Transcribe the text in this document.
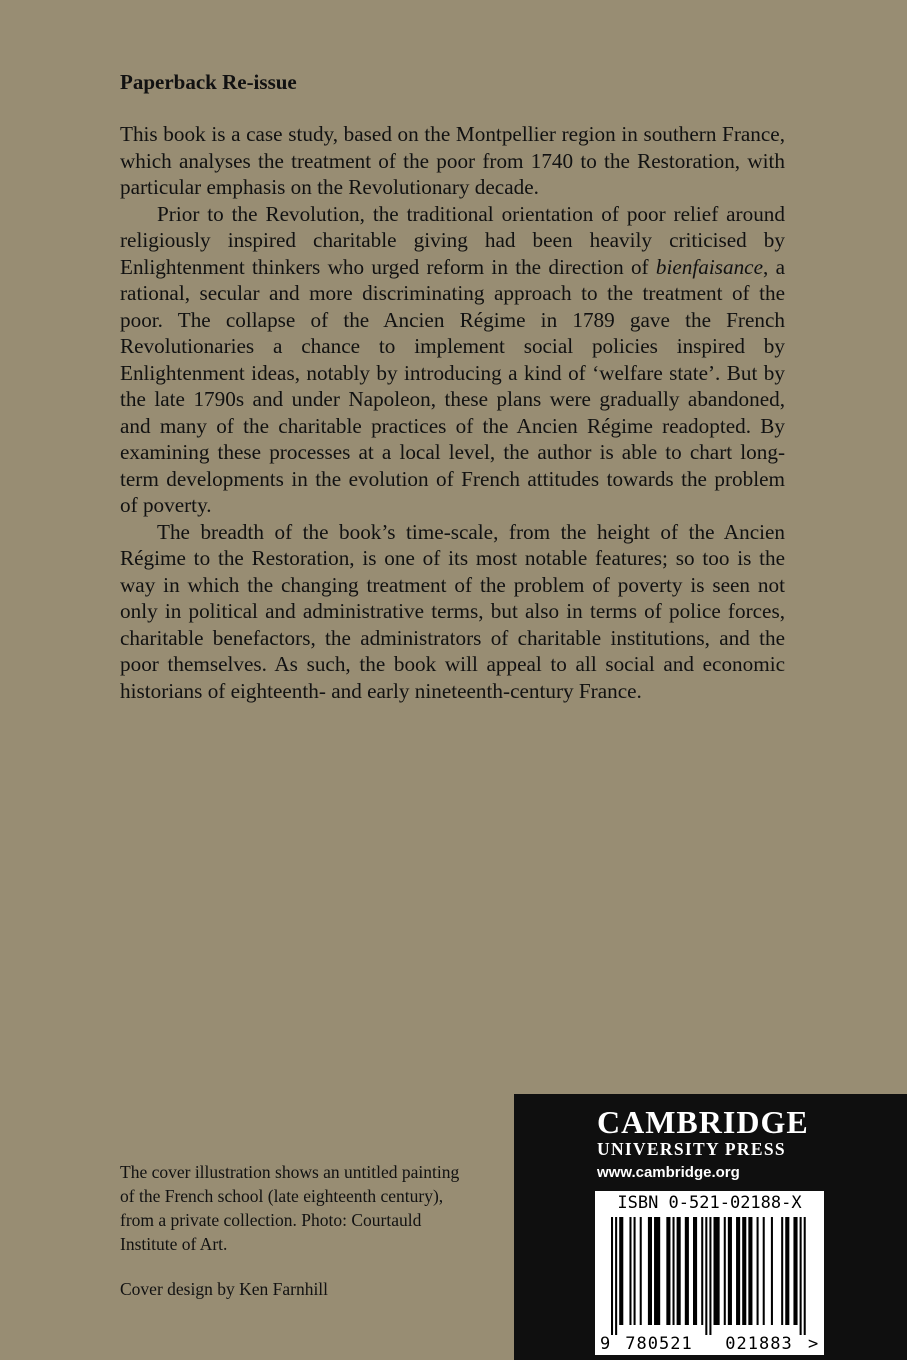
Paperback Re-issue

This book is a case study, based on the Montpellier region in southern France, which analyses the treatment of the poor from 1740 to the Restoration, with particular emphasis on the Revolutionary decade.

Prior to the Revolution, the traditional orientation of poor relief around religiously inspired charitable giving had been heavily criticised by Enlightenment thinkers who urged reform in the direction of bienfaisance, a rational, secular and more discriminating approach to the treatment of the poor. The collapse of the Ancien Régime in 1789 gave the French Revolutionaries a chance to implement social policies inspired by Enlightenment ideas, notably by introducing a kind of ‘welfare state’. But by the late 1790s and under Napoleon, these plans were gradually abandoned, and many of the charitable practices of the Ancien Régime readopted. By examining these processes at a local level, the author is able to chart long-term developments in the evolution of French attitudes towards the problem of poverty.

The breadth of the book’s time-scale, from the height of the Ancien Régime to the Restoration, is one of its most notable features; so too is the way in which the changing treatment of the problem of poverty is seen not only in political and administrative terms, but also in terms of police forces, charitable benefactors, the administrators of charitable institutions, and the poor themselves. As such, the book will appeal to all social and economic historians of eighteenth- and early nineteenth-century France.

The cover illustration shows an untitled painting of the French school (late eighteenth century), from a private collection. Photo: Courtauld Institute of Art.

Cover design by Ken Farnhill

CAMBRIDGE
UNIVERSITY PRESS
www.cambridge.org
ISBN 0-521-02188-X
9 780521 021883 >
